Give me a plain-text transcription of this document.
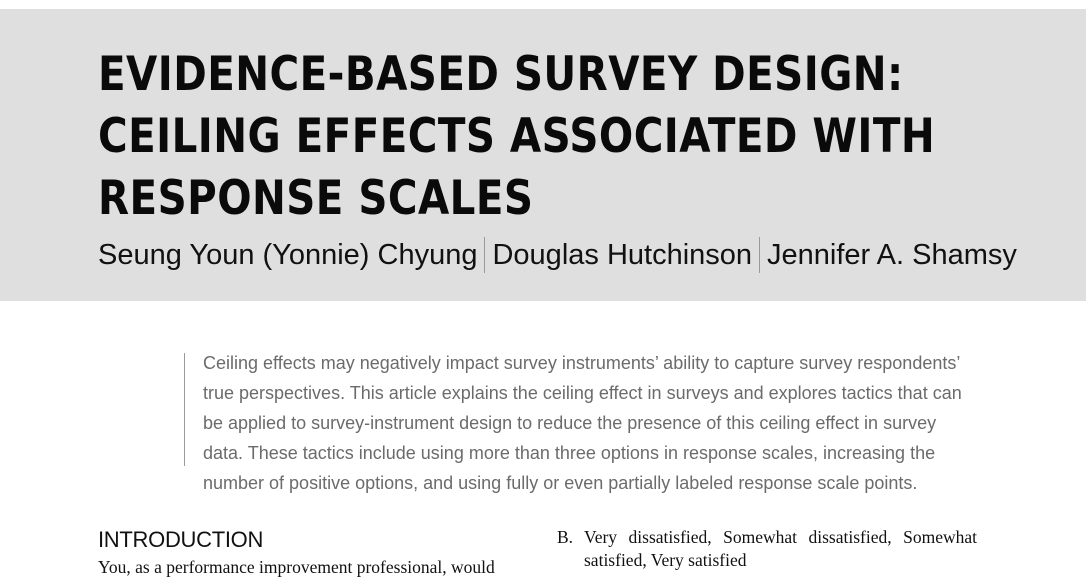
EVIDENCE-BASED SURVEY DESIGN: CEILING EFFECTS ASSOCIATED WITH RESPONSE SCALES
Seung Youn (Yonnie) Chyung Douglas Hutchinson Jennifer A. Shamsy

Ceiling effects may negatively impact survey instruments’ ability to capture survey respondents’ true perspectives. This article explains the ceiling effect in surveys and explores tactics that can be applied to survey-instrument design to reduce the presence of this ceiling effect in survey data. These tactics include using more than three options in response scales, increasing the number of positive options, and using fully or even partially labeled response scale points.

INTRODUCTION

You, as a performance improvement professional, would

B. Very dissatisfied, Somewhat dissatisfied, Somewhat satisfied, Very satisfied
